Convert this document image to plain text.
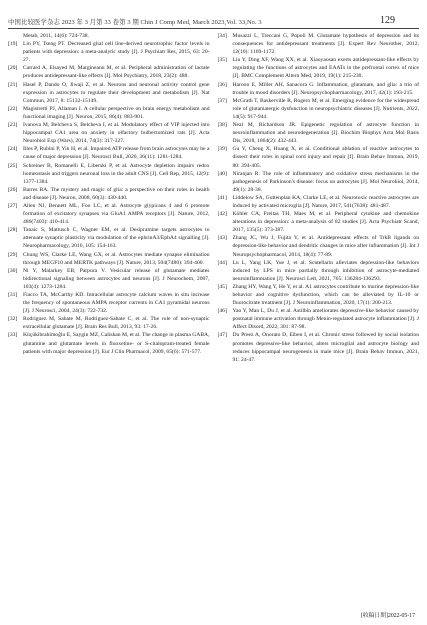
中国比较医学杂志 2023 年 3 月第 33 卷第 3 期 Chin J Comp Med, March 2023,Vol. 33,No. 3	129
Metab, 2011, 14(6): 724-738.
[19]	Lin PY, Tseng PT. Decreased glial cell line-derived neurotrophic factor levels in patients with depression: a meta-analytic study [J]. J Psychiatr Res, 2015, 63: 20-27.
[20]	Carrard A, Elsayed M, Margineanu M, et al. Peripheral administration of lactate produces antidepressant-like effects [J]. Mol Psychiatry, 2018, 23(2): 488.
[21]	Hasel P, Dando O, Jiwaji Z, et al. Neurons and neuronal activity control gene expression in astrocytes to regulate their development and metabolism [J]. Nat Commun, 2017, 8: 15132-15149.
[22]	Magistretti PJ, Allaman I. A cellular perspective on brain energy metabolism and functional imaging [J]. Neuron, 2015, 86(4): 883-901.
[23]	Ivanova M, Belcheva S, Belcheva I, et al. Modulatory effect of VIP injected into hippocampal CA1 area on anxiety in olfactory bulbectomized rats [J]. Acta Neurobiol Exp (Wars), 2014, 74(3): 317-327.
[24]	Illes P, Rubini P, Yin H, et al. Impaired ATP release from brain astrocytes may be a cause of major depression [J]. Neurosci Bull, 2020, 36(11): 1281-1284.
[25]	Schreiner B, Romanelli E, Liberski P, et al. Astrocyte depletion impairs redox homeostasis and triggers neuronal loss in the adult CNS [J]. Cell Rep, 2015, 12(9): 1377-1384.
[26]	Barres BA. The mystery and magic of glia: a perspective on their roles in health and disease [J]. Neuron, 2008, 60(3): 430-440.
[27]	Allen NJ, Bennett ML, Foo LC, et al. Astrocyte glypicans 4 and 6 promote formation of excitatory synapses via GluA1 AMPA receptors [J]. Nature, 2012, 486(7403): 410-414.
[28]	Tanaic S, Mattusch C, Wagner EM, et al. Desipramine targets astrocytes to attenuate synaptic plasticity via modulation of the ephrinA3/EphA4 signalling [J]. Neuropharmacology, 2016, 105: 154-163.
[29]	Chung WS, Clarke LE, Wang GX, et al. Astrocytes mediate synapse elimination through MEGF10 and MERTK pathways [J]. Nature, 2013, 504(7480): 394-400.
[30]	Ni Y, Malarkey EB, Parpura V. Vesicular release of glutamate mediates bidirectional signaling between astrocytes and neurons [J]. J Neurochem, 2007, 103(4): 1273-1284.
[31]	Fiacco TA, McCarthy KD. Intracellular astrocyte calcium waves in situ increase the frequency of spontaneous AMPA receptor currents in CA1 pyramidal neurons [J]. J Neurosci, 2004, 24(3): 722-732.
[32]	Rodriguez M, Sabate M, Rodriguez-Sabate C, et al. The role of non-synaptic extracellular glutamate [J]. Brain Res Bull, 2013, 93: 17-26.
[33]	Küçükibrahimoğlu E, Saygin MZ, Caliskan M, et al. The change in plasma GABA, glutamine and glutamate levels in fluoxetine- or S-citalopram-treated female patients with major depression [J]. Eur J Clin Pharmacol, 2009, 65(6): 571-577.
[34]	Musazzi L, Treccani G, Popoli M. Glutamate hypothesis of depression and its consequences for antidepressant treatments [J]. Expert Rev Neurother, 2012, 12(10): 1169-1172.
[35]	Liu Y, Ding XF, Wang XX, et al. Xiaoyaosan exerts antidepressant-like effects by regulating the functions of astrocytes and EAATs in the prefrontal cortex of mice [J]. BMC Complement Altern Med, 2019, 19(1): 215-230.
[36]	Haroon E, Miller AH, Sanacora G. Inflammation, glutamate, and glia: a trio of trouble in mood disorders [J]. Neuropsychopharmacology, 2017, 42(1): 193-215.
[37]	McGrath T, Baskerville R, Rogero M, et al. Emerging evidence for the widespread role of glutamatergic dysfunction in neuropsychiatric diseases [J]. Nutrients, 2022, 14(5): 917-944.
[38]	Neal M, Richardson JR. Epigenetic regulation of astrocyte function in neuroinflammation and neurodegeneration [J]. Biochim Biophys Acta Mol Basis Dis, 2018, 1864(2): 432-443.
[39]	Gu Y, Cheng X, Huang X, et al. Conditional ablation of reactive astrocytes to dissect their roles in spinal cord injury and repair [J]. Brain Behav Immun, 2019, 80: 394-405.
[40]	Niranjan R. The role of inflammatory and oxidative stress mechanisms in the pathogenesis of Parkinson's disease: focus on astrocytes [J]. Mol Neurobiol, 2014, 49(1): 28-38.
[41]	Liddelow SA, Guttenplan KA, Clarke LE, et al. Neurotoxic reactive astrocytes are induced by activated microglia [J]. Nature, 2017, 541(7638): 481-487.
[42]	Köhler CA, Freitas TH, Maes M, et al. Peripheral cytokine and chemokine alterations in depression: a meta-analysis of 82 studies [J]. Acta Psychiatr Scand, 2017, 135(5): 373-387.
[43]	Zhang JC, Wu J, Fujita Y, et al. Antidepressant effects of TrkB ligands on depression-like behavior and dendritic changes in mice after inflammation [J]. Int J Neuropsychopharmacol, 2014, 18(4): 77-89.
[44]	Lu L, Yang LK, Yue J, et al. Scutellarin alleviates depression-like behaviors induced by LPS in mice partially through inhibition of astrocyte-mediated neuroinflammation [J]. Neurosci Lett, 2021, 765: 136284-136293.
[45]	Zhang HY, Wang Y, He Y, et al. A1 astrocytes contribute to murine depression-like behavior and cognitive dysfunction, which can be alleviated by IL-10 or fluorocitrate treatment [J]. J Neuroinflammation, 2020, 17(1): 200-213.
[46]	Yao Y, Man L, Du J, et al. Astilbin ameliorates depressive-like behavior caused by postnatal immune activation through Menin-regulated astrocyte inflammation [J]. J Affect Disord, 2022, 301: 87-98.
[47]	Du Preez A, Onorato D, Eiben I, et al. Chronic stress followed by social isolation promotes depressive-like behavior, alters microglial and astrocyte biology and reduces hippocampal neurogenesis in male mice [J]. Brain Behav Immun, 2021, 91: 24-47.
[收稿日期]2022-05-17
